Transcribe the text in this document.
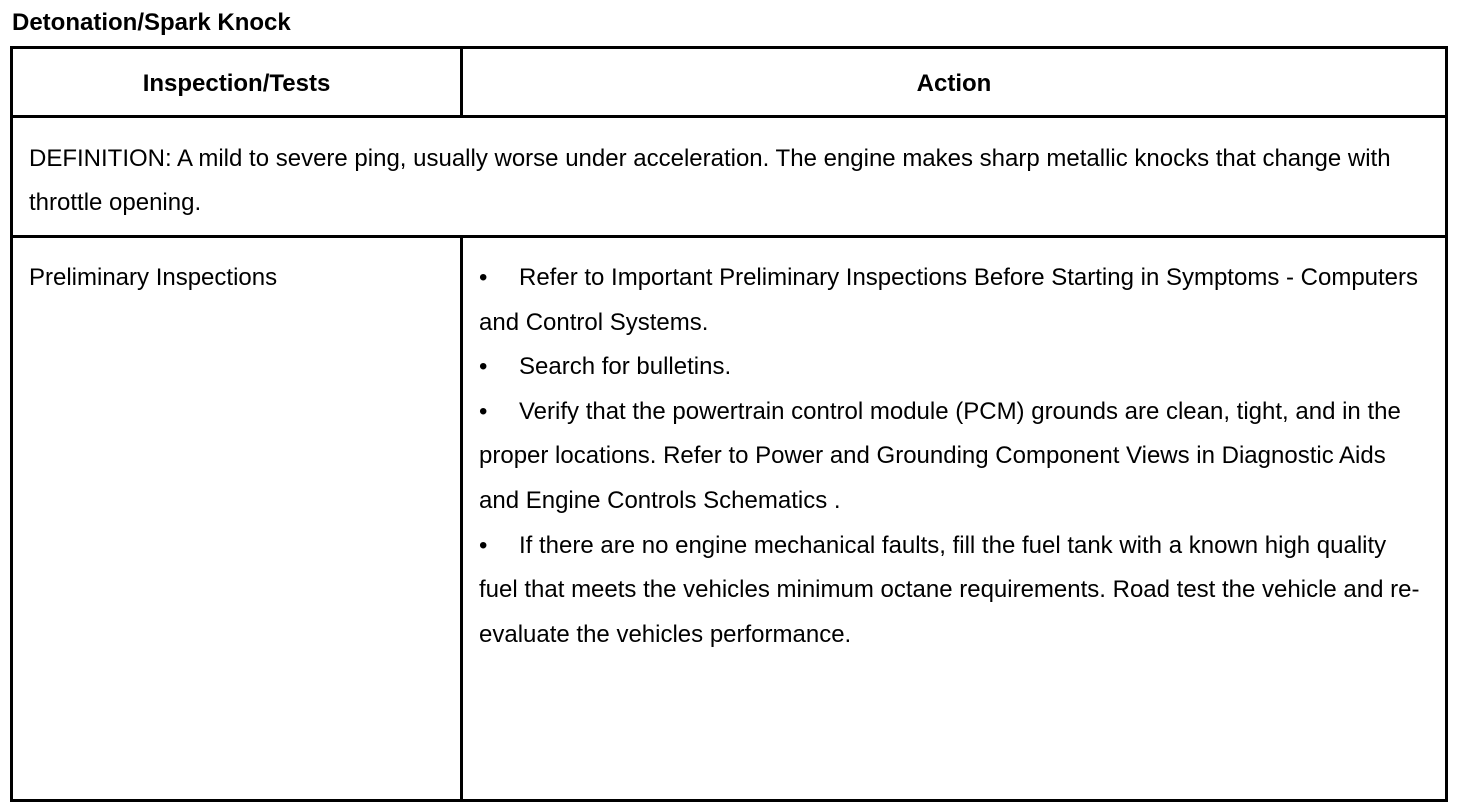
Detonation/Spark Knock
Inspection/Tests	Action
DEFINITION: A mild to severe ping, usually worse under acceleration. The engine makes sharp metallic knocks that change with throttle opening.
Preliminary Inspections	• Refer to Important Preliminary Inspections Before Starting in Symptoms - Computers and Control Systems.

• Search for bulletins.

• Verify that the powertrain control module (PCM) grounds are clean, tight, and in the proper locations. Refer to Power and Grounding Component Views in Diagnostic Aids and Engine Controls Schematics .

• If there are no engine mechanical faults, fill the fuel tank with a known high quality fuel that meets the vehicles minimum octane requirements. Road test the vehicle and re-evaluate the vehicles performance.
